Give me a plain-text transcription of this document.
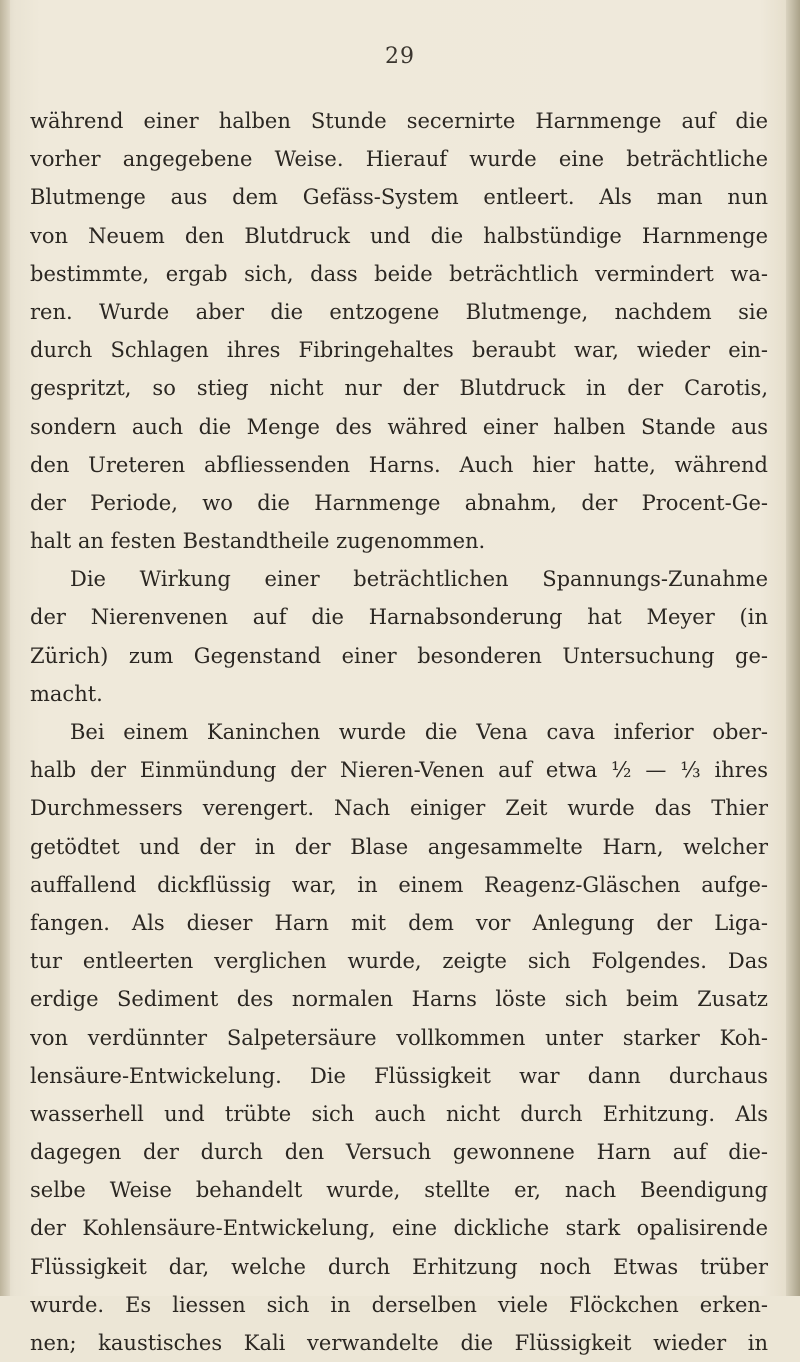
29
während einer halben Stunde secernirte Harnmenge auf die
vorher angegebene Weise. Hierauf wurde eine beträchtliche
Blutmenge aus dem Gefäss-System entleert. Als man nun
von Neuem den Blutdruck und die halbstündige Harnmenge
bestimmte, ergab sich, dass beide beträchtlich vermindert wa-
ren. Wurde aber die entzogene Blutmenge, nachdem sie
durch Schlagen ihres Fibringehaltes beraubt war, wieder ein-
gespritzt, so stieg nicht nur der Blutdruck in der Carotis,
sondern auch die Menge des währed einer halben Stande aus
den Ureteren abfliessenden Harns. Auch hier hatte, während
der Periode, wo die Harnmenge abnahm, der Procent-Ge-
halt an festen Bestandtheile zugenommen.
Die Wirkung einer beträchtlichen Spannungs-Zunahme
der Nierenvenen auf die Harnabsonderung hat Meyer (in
Zürich) zum Gegenstand einer besonderen Untersuchung ge-
macht.
Bei einem Kaninchen wurde die Vena cava inferior ober-
halb der Einmündung der Nieren-Venen auf etwa ½ — ⅓ ihres
Durchmessers verengert. Nach einiger Zeit wurde das Thier
getödtet und der in der Blase angesammelte Harn, welcher
auffallend dickflüssig war, in einem Reagenz-Gläschen aufge-
fangen. Als dieser Harn mit dem vor Anlegung der Liga-
tur entleerten verglichen wurde, zeigte sich Folgendes. Das
erdige Sediment des normalen Harns löste sich beim Zusatz
von verdünnter Salpetersäure vollkommen unter starker Koh-
lensäure-Entwickelung. Die Flüssigkeit war dann durchaus
wasserhell und trübte sich auch nicht durch Erhitzung. Als
dagegen der durch den Versuch gewonnene Harn auf die-
selbe Weise behandelt wurde, stellte er, nach Beendigung
der Kohlensäure-Entwickelung, eine dickliche stark opalisirende
Flüssigkeit dar, welche durch Erhitzung noch Etwas trüber
wurde. Es liessen sich in derselben viele Flöckchen erken-
nen; kaustisches Kali verwandelte die Flüssigkeit wieder in
